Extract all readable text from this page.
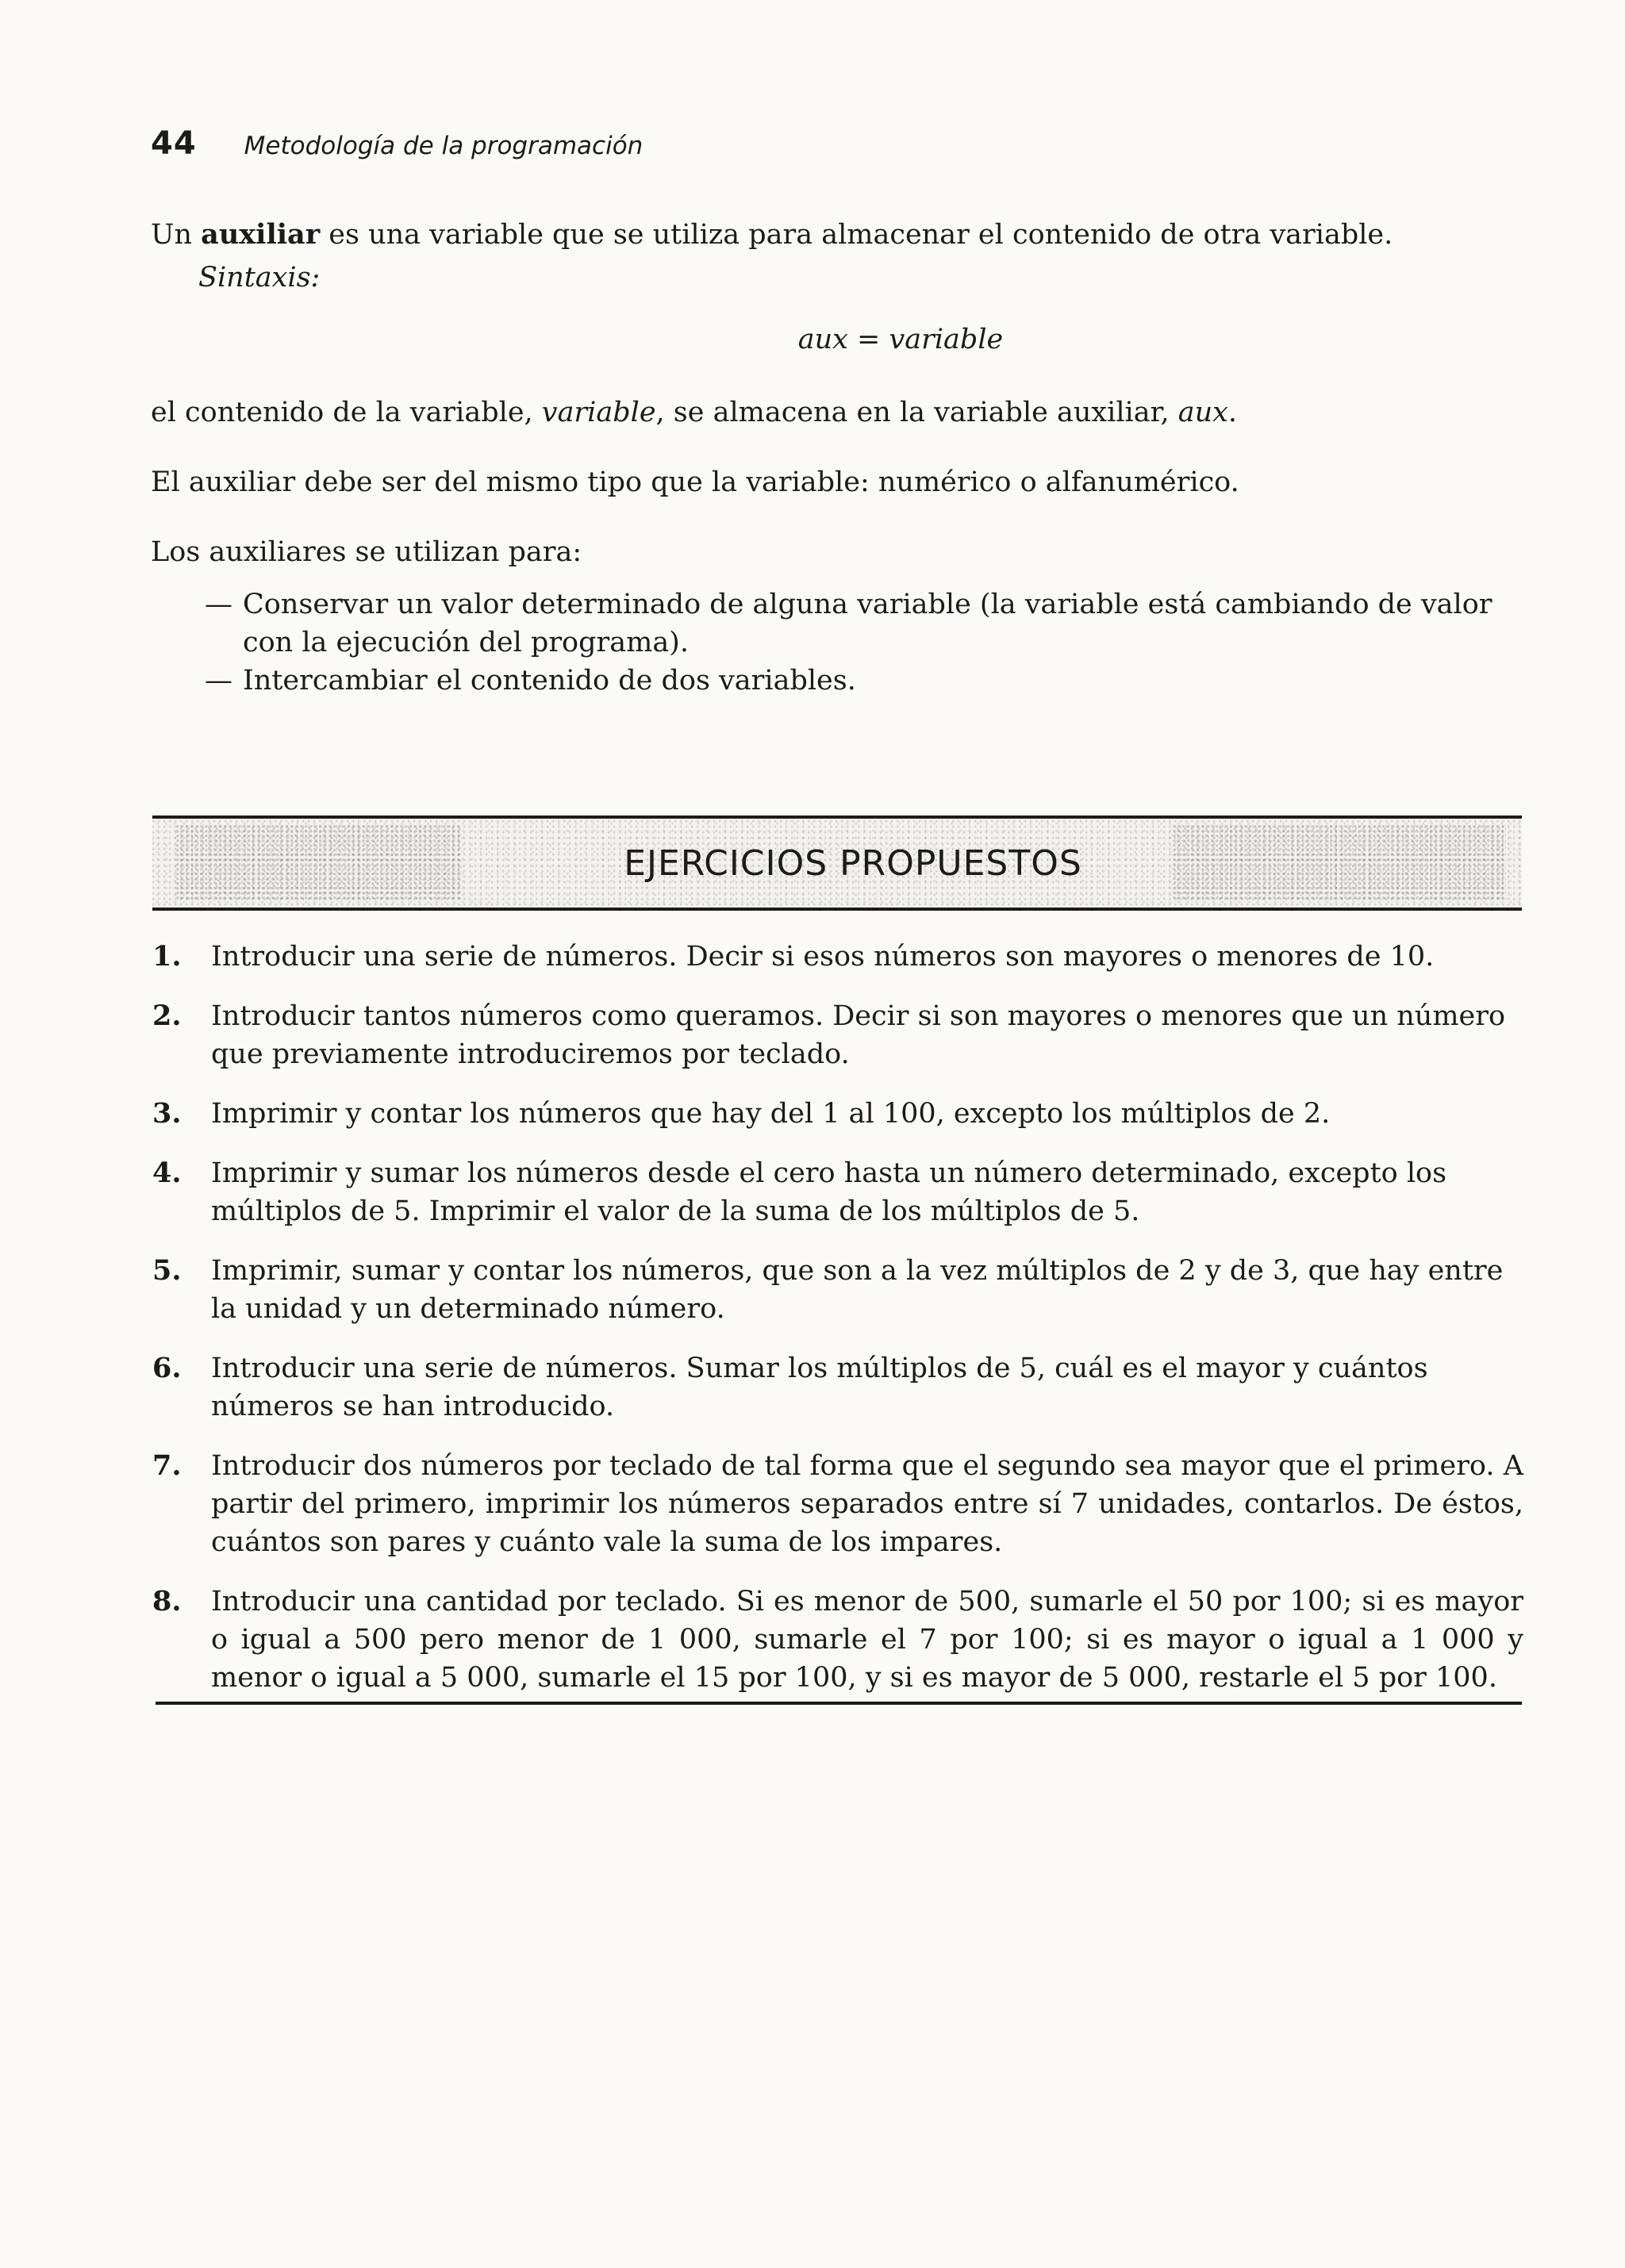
44 Metodología de la programación

Un auxiliar es una variable que se utiliza para almacenar el contenido de otra variable.

Sintaxis:

aux = variable

el contenido de la variable, variable, se almacena en la variable auxiliar, aux.

El auxiliar debe ser del mismo tipo que la variable: numérico o alfanumérico.

Los auxiliares se utilizan para:

— Conservar un valor determinado de alguna variable (la variable está cambiando de valor con la ejecución del programa).
— Intercambiar el contenido de dos variables.
EJERCICIOS PROPUESTOS
1. Introducir una serie de números. Decir si esos números son mayores o menores de 10.
2. Introducir tantos números como queramos. Decir si son mayores o menores que un número que previamente introduciremos por teclado.
3. Imprimir y contar los números que hay del 1 al 100, excepto los múltiplos de 2.
4. Imprimir y sumar los números desde el cero hasta un número determinado, excepto los múltiplos de 5. Imprimir el valor de la suma de los múltiplos de 5.
5. Imprimir, sumar y contar los números, que son a la vez múltiplos de 2 y de 3, que hay entre la unidad y un determinado número.
6. Introducir una serie de números. Sumar los múltiplos de 5, cuál es el mayor y cuántos números se han introducido.
7. Introducir dos números por teclado de tal forma que el segundo sea mayor que el primero. A partir del primero, imprimir los números separados entre sí 7 unidades, contarlos. De éstos, cuántos son pares y cuánto vale la suma de los impares.
8. Introducir una cantidad por teclado. Si es menor de 500, sumarle el 50 por 100; si es mayor o igual a 500 pero menor de 1 000, sumarle el 7 por 100; si es mayor o igual a 1 000 y menor o igual a 5 000, sumarle el 15 por 100, y si es mayor de 5 000, restarle el 5 por 100.
